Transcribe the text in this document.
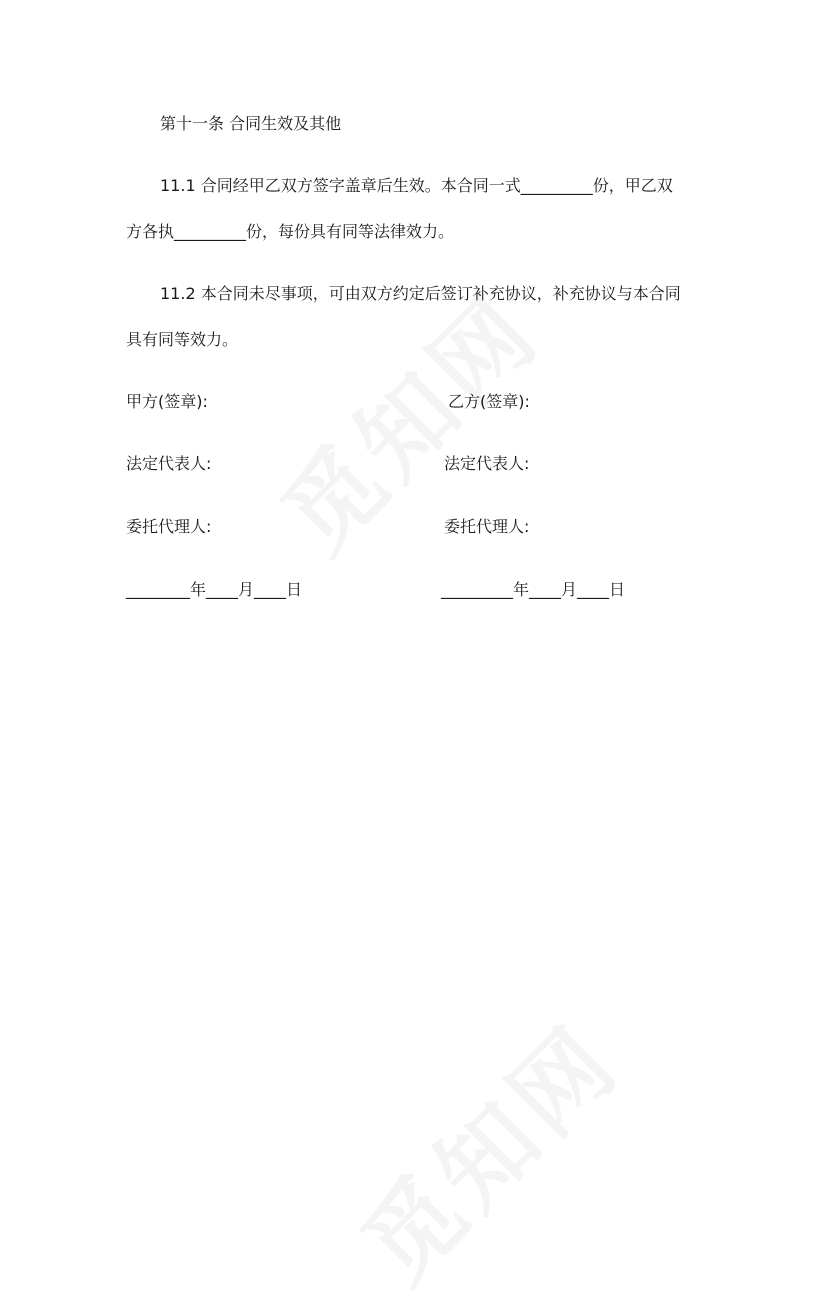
第十一条 合同生效及其他
11.1 合同经甲乙双方签字盖章后生效。本合同一式_________份，甲乙双
方各执_________份，每份具有同等法律效力。
11.2 本合同未尽事项，可由双方约定后签订补充协议，补充协议与本合同
具有同等效力。
甲方(签章):
法定代表人:
委托代理人:
________年____月____日
乙方(签章):
法定代表人:
委托代理人:
_________年____月____日
